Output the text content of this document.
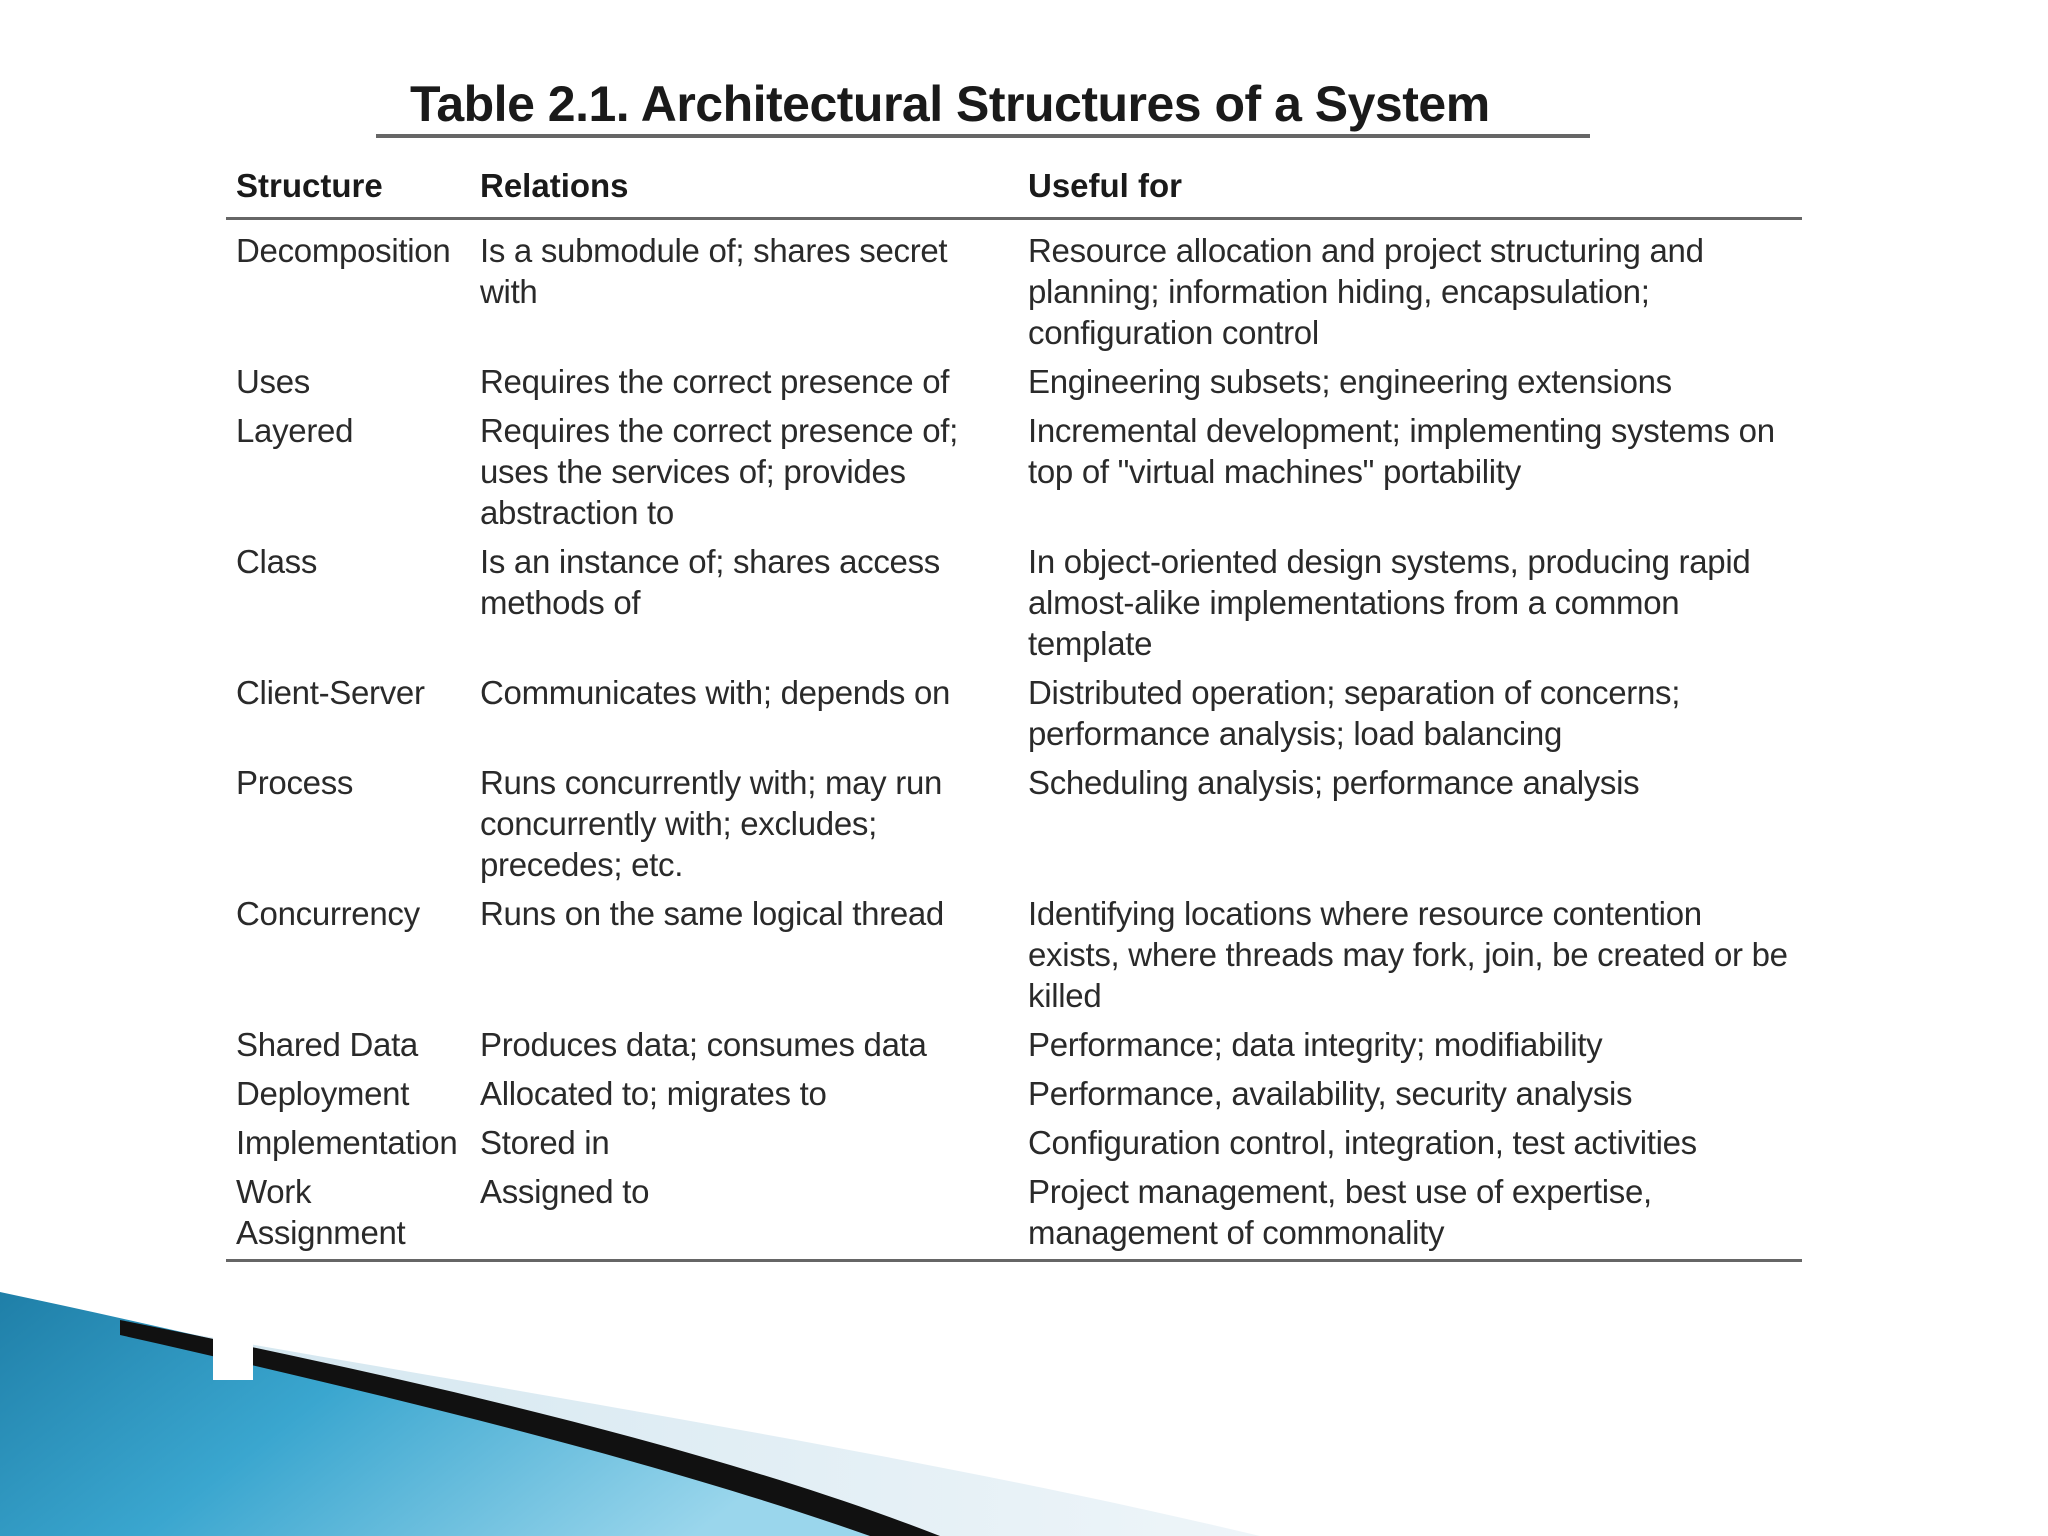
Table 2.1. Architectural Structures of a System
Structure	Relations	Useful for
Decomposition	Is a submodule of; shares secret with	Resource allocation and project structuring and planning; information hiding, encapsulation; configuration control
Uses	Requires the correct presence of	Engineering subsets; engineering extensions
Layered	Requires the correct presence of; uses the services of; provides abstraction to	Incremental development; implementing systems on top of "virtual machines" portability
Class	Is an instance of; shares access methods of	In object-oriented design systems, producing rapid almost-alike implementations from a common template
Client-Server	Communicates with; depends on	Distributed operation; separation of concerns; performance analysis; load balancing
Process	Runs concurrently with; may run concurrently with; excludes; precedes; etc.	Scheduling analysis; performance analysis
Concurrency	Runs on the same logical thread	Identifying locations where resource contention exists, where threads may fork, join, be created or be killed
Shared Data	Produces data; consumes data	Performance; data integrity; modifiability
Deployment	Allocated to; migrates to	Performance, availability, security analysis
Implementation	Stored in	Configuration control, integration, test activities
Work Assignment	Assigned to	Project management, best use of expertise, management of commonality
